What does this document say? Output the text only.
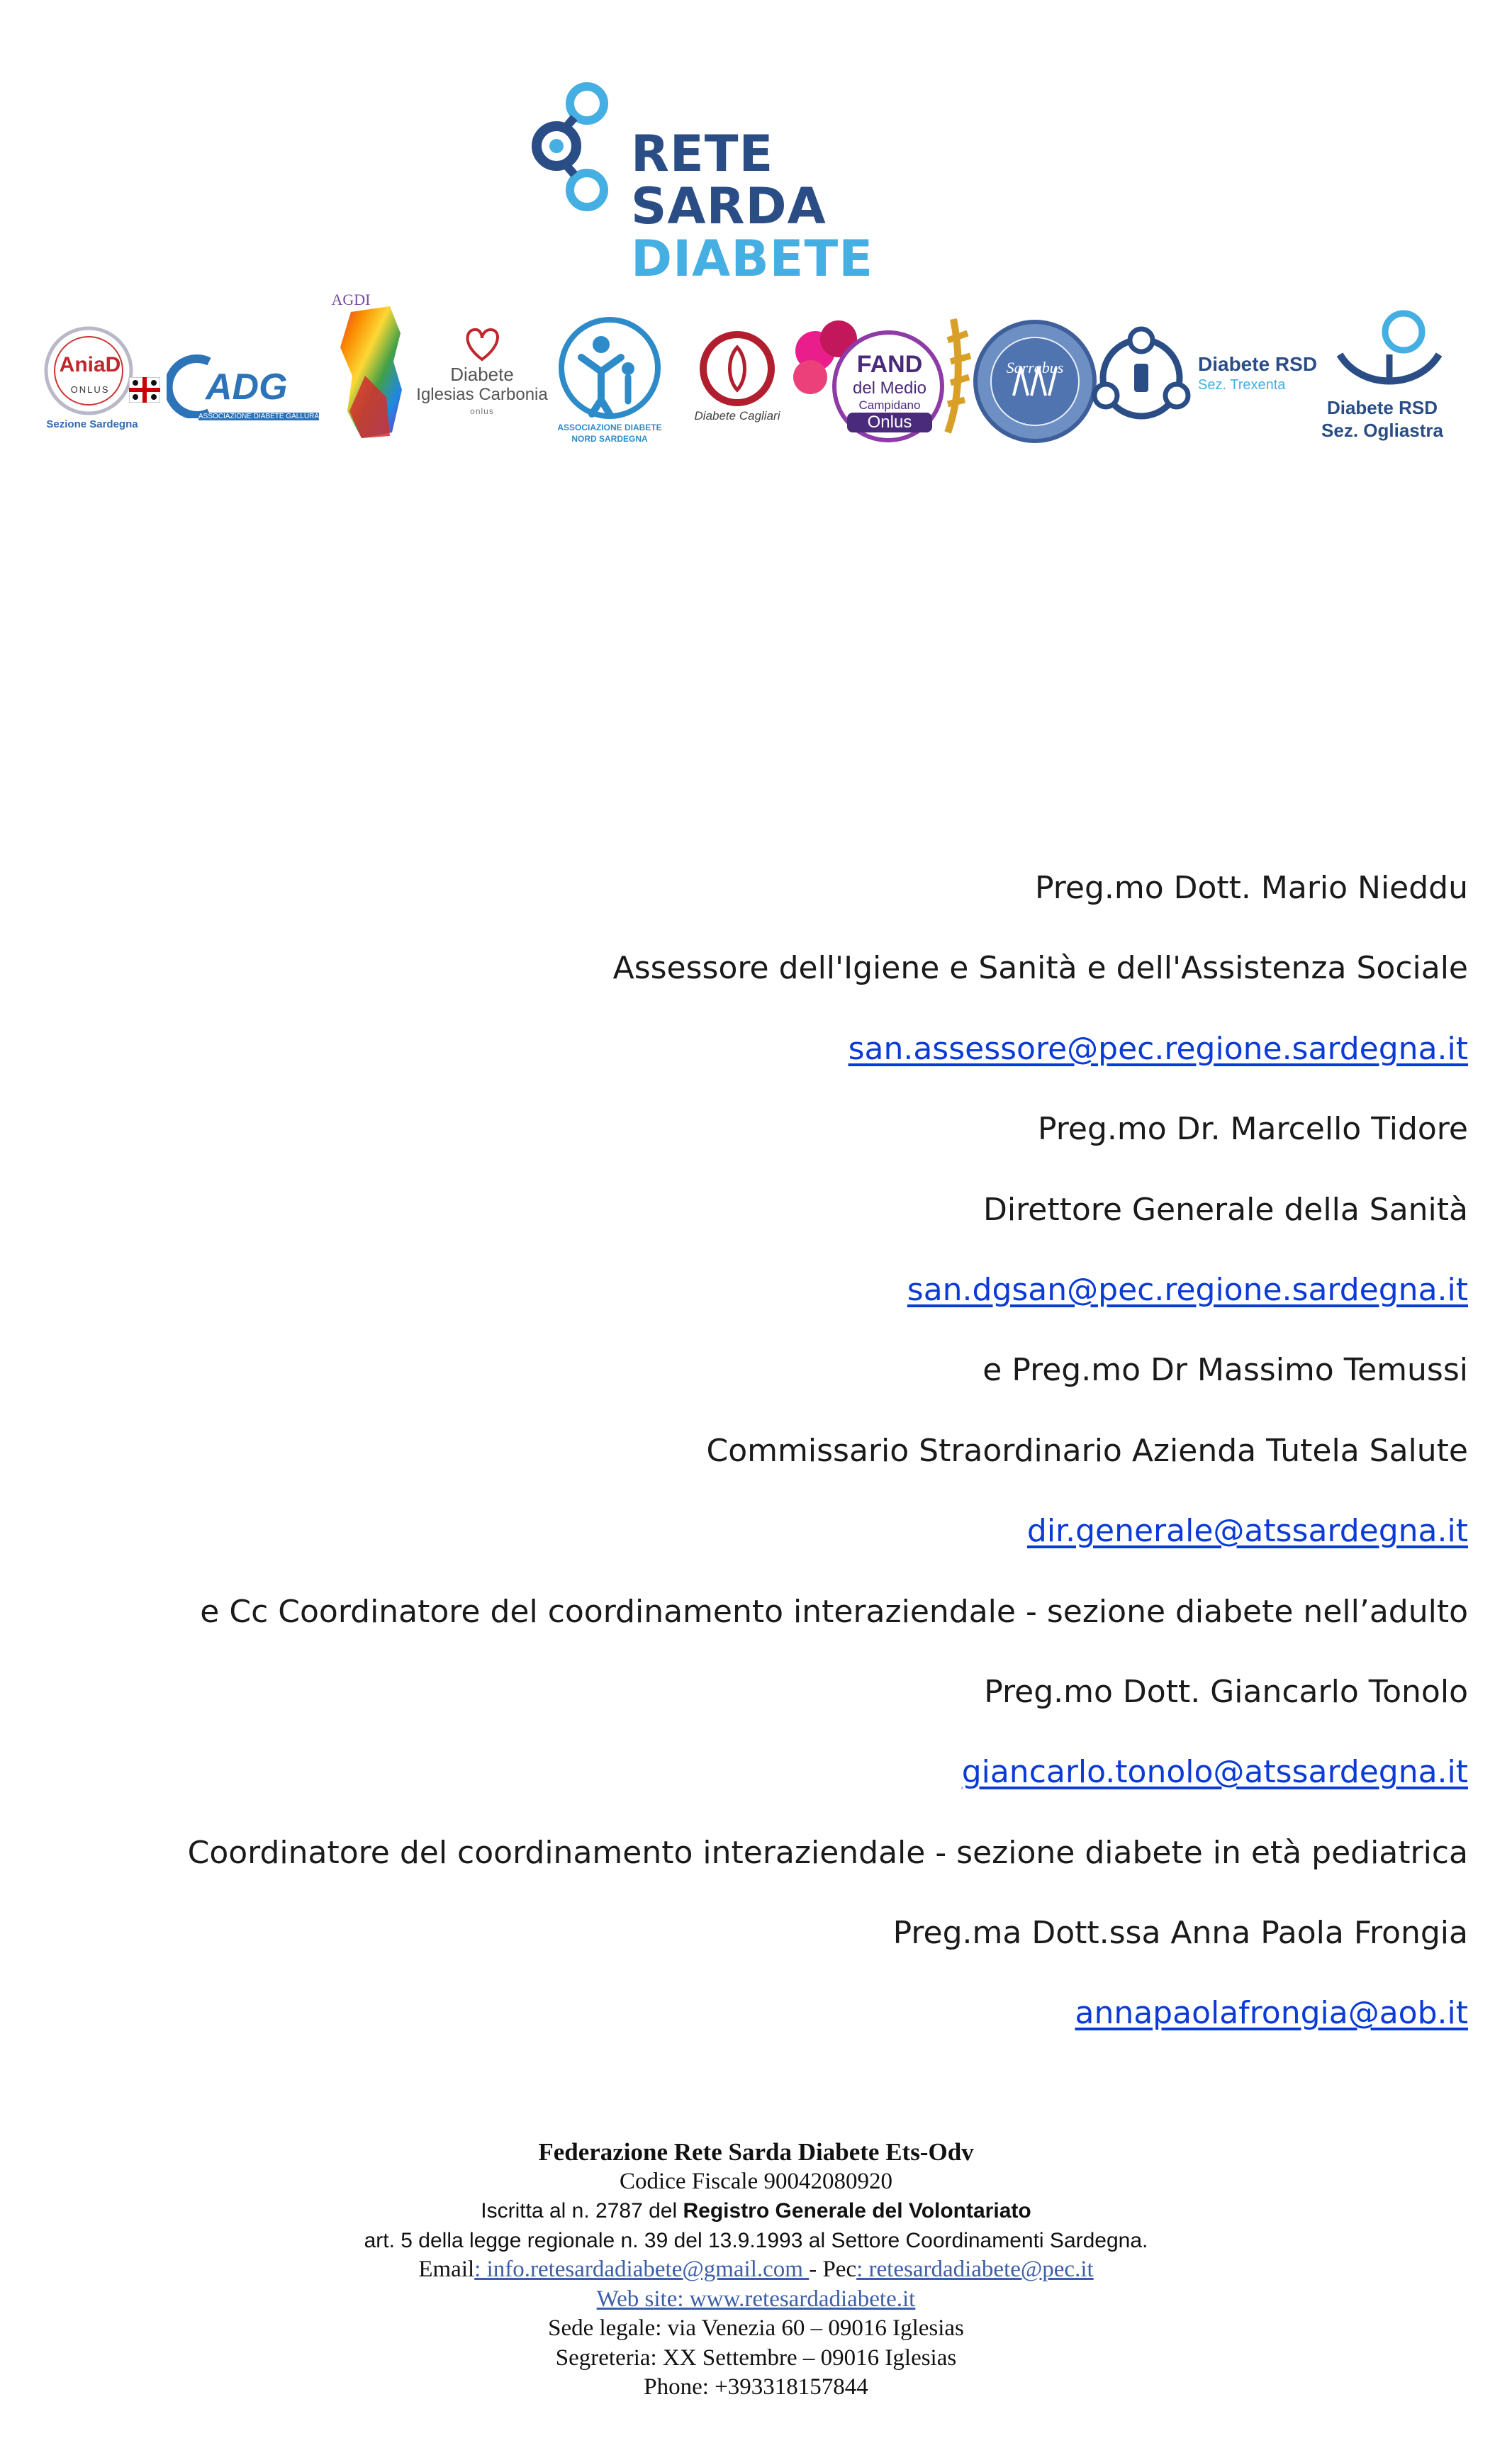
RETE
SARDA
DIABETE
AniaD
ONLUS
Sezione Sardegna
ADG
ASSOCIAZIONE DIABETE GALLURA
AGDI
Diabete
Iglesias Carbonia
onlus
ASSOCIAZIONE DIABETE
NORD SARDEGNA
Diabete Cagliari
FAND
del Medio
Campidano
Onlus
Sarrabus	Diabete RSD
Sez. Trexenta
Diabete RSD
Sez. Ogliastra
Preg.mo Dott. Mario Nieddu
Assessore dell'Igiene e Sanità e dell'Assistenza Sociale
san.assessore@pec.regione.sardegna.it
Preg.mo Dr. Marcello Tidore
Direttore Generale della Sanità
san.dgsan@pec.regione.sardegna.it
e Preg.mo Dr Massimo Temussi
Commissario Straordinario Azienda Tutela Salute
dir.generale@atssardegna.it
e Cc Coordinatore del coordinamento interaziendale - sezione diabete nell’adulto
Preg.mo Dott. Giancarlo Tonolo
giancarlo.tonolo@atssardegna.it
Coordinatore del coordinamento interaziendale - sezione diabete in età pediatrica
Preg.ma Dott.ssa Anna Paola Frongia
annapaolafrongia@aob.it
Federazione Rete Sarda Diabete Ets-Odv
Codice Fiscale 90042080920
Iscritta al n. 2787 del Registro Generale del Volontariato
art. 5 della legge regionale n. 39 del 13.9.1993 al Settore Coordinamenti Sardegna.
Email: info.retesardadiabete@gmail.com - Pec: retesardadiabete@pec.it
Web site: www.retesardadiabete.it
Sede legale: via Venezia 60 – 09016 Iglesias
Segreteria: XX Settembre – 09016 Iglesias
Phone: +393318157844
